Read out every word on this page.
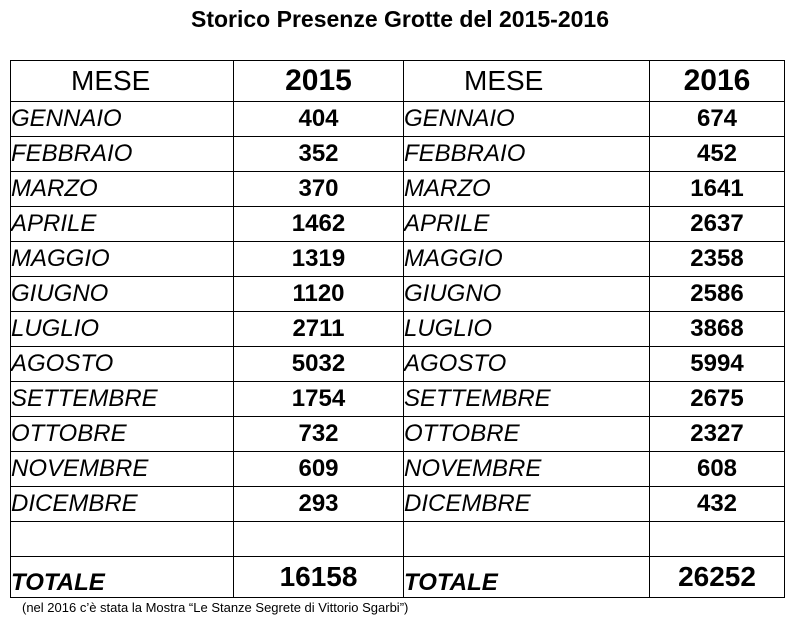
Storico Presenze Grotte del 2015-2016
MESE	2015	MESE	2016
GENNAIO	404	GENNAIO	674
FEBBRAIO	352	FEBBRAIO	452
MARZO	370	MARZO	1641
APRILE	1462	APRILE	2637
MAGGIO	1319	MAGGIO	2358
GIUGNO	1120	GIUGNO	2586
LUGLIO	2711	LUGLIO	3868
AGOSTO	5032	AGOSTO	5994
SETTEMBRE	1754	SETTEMBRE	2675
OTTOBRE	732	OTTOBRE	2327
NOVEMBRE	609	NOVEMBRE	608
DICEMBRE	293	DICEMBRE	432

TOTALE	16158	TOTALE	26252
(nel 2016 c’è stata la Mostra “Le Stanze Segrete di Vittorio Sgarbi”)
